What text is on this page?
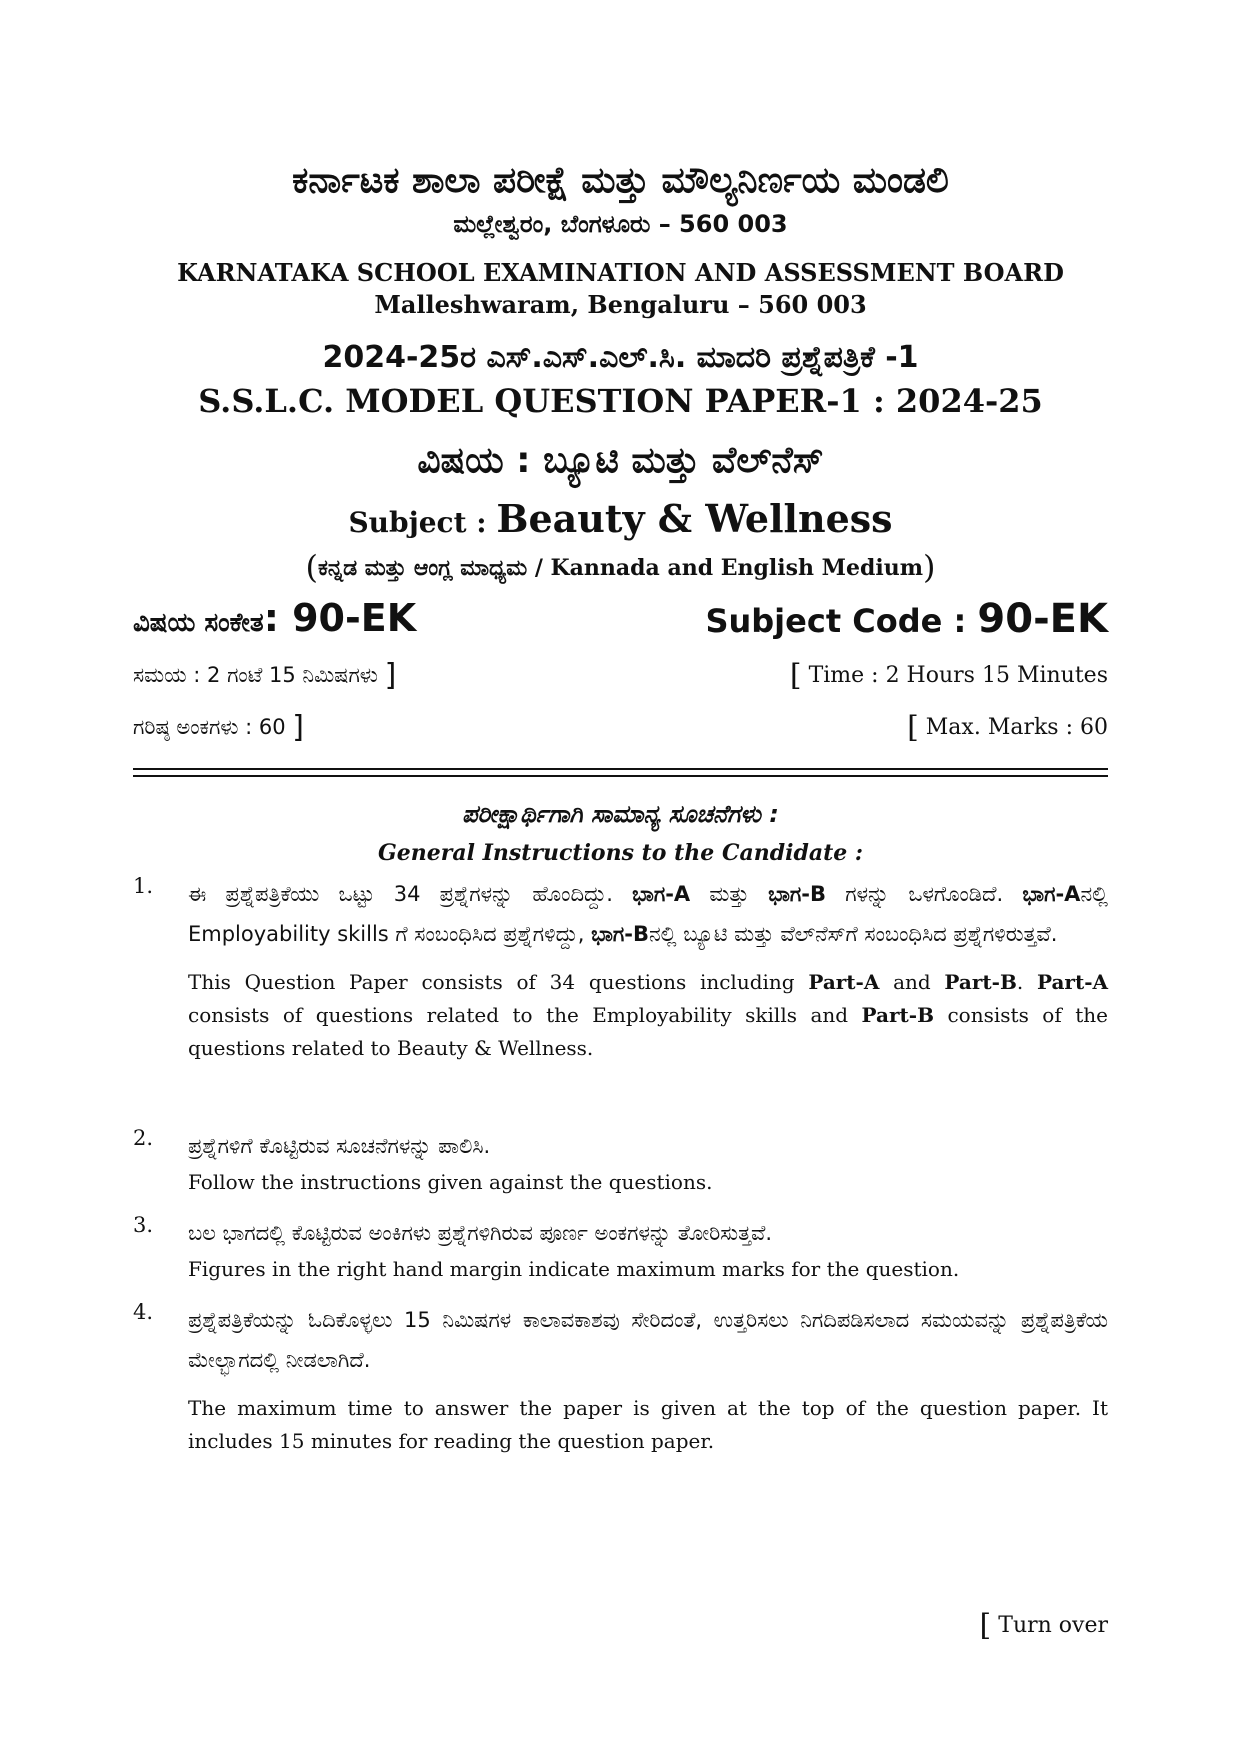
ಕರ್ನಾಟಕ ಶಾಲಾ ಪರೀಕ್ಷೆ ಮತ್ತು ಮೌಲ್ಯನಿರ್ಣಯ ಮಂಡಲಿ
ಮಲ್ಲೇಶ್ವರಂ, ಬೆಂಗಳೂರು – 560 003
KARNATAKA SCHOOL EXAMINATION AND ASSESSMENT BOARD
Malleshwaram, Bengaluru – 560 003
2024-25ರ ಎಸ್.ಎಸ್.ಎಲ್.ಸಿ. ಮಾದರಿ ಪ್ರಶ್ನೆಪತ್ರಿಕೆ -1
S.S.L.C. MODEL QUESTION PAPER-1 : 2024-25
ವಿಷಯ : ಬ್ಯೂಟಿ ಮತ್ತು ವೆಲ್‌ನೆಸ್
Subject : Beauty & Wellness
(ಕನ್ನಡ ಮತ್ತು ಆಂಗ್ಲ ಮಾಧ್ಯಮ / Kannada and English Medium)
ವಿಷಯ ಸಂಕೇತ: 90-EK	Subject Code : 90-EK
ಸಮಯ : 2 ಗಂಟೆ 15 ನಿಮಿಷಗಳು ]	[ Time : 2 Hours 15 Minutes
ಗರಿಷ್ಠ ಅಂಕಗಳು : 60 ]	[ Max. Marks : 60
ಪರೀಕ್ಷಾರ್ಥಿಗಾಗಿ ಸಾಮಾನ್ಯ ಸೂಚನೆಗಳು :
General Instructions to the Candidate :
1. ಈ ಪ್ರಶ್ನೆಪತ್ರಿಕೆಯು ಒಟ್ಟು 34 ಪ್ರಶ್ನೆಗಳನ್ನು ಹೊಂದಿದ್ದು. ಭಾಗ-A ಮತ್ತು ಭಾಗ-B ಗಳನ್ನು ಒಳಗೊಂಡಿದೆ. ಭಾಗ-Aನಲ್ಲಿ Employability skills ಗೆ ಸಂಬಂಧಿಸಿದ ಪ್ರಶ್ನೆಗಳಿದ್ದು, ಭಾಗ-Bನಲ್ಲಿ ಬ್ಯೂಟಿ ಮತ್ತು ವೆಲ್‌ನೆಸ್‌ಗೆ ಸಂಬಂಧಿಸಿದ ಪ್ರಶ್ನೆಗಳಿರುತ್ತವೆ.

This Question Paper consists of 34 questions including Part-A and Part-B. Part-A consists of questions related to the Employability skills and Part-B consists of the questions related to Beauty & Wellness.

2. ಪ್ರಶ್ನೆಗಳಿಗೆ ಕೊಟ್ಟಿರುವ ಸೂಚನೆಗಳನ್ನು ಪಾಲಿಸಿ.

Follow the instructions given against the questions.

3. ಬಲ ಭಾಗದಲ್ಲಿ ಕೊಟ್ಟಿರುವ ಅಂಕಿಗಳು ಪ್ರಶ್ನೆಗಳಿಗಿರುವ ಪೂರ್ಣ ಅಂಕಗಳನ್ನು ತೋರಿಸುತ್ತವೆ.

Figures in the right hand margin indicate maximum marks for the question.

4. ಪ್ರಶ್ನೆಪತ್ರಿಕೆಯನ್ನು ಓದಿಕೊಳ್ಳಲು 15 ನಿಮಿಷಗಳ ಕಾಲಾವಕಾಶವು ಸೇರಿದಂತೆ, ಉತ್ತರಿಸಲು ನಿಗದಿಪಡಿಸಲಾದ ಸಮಯವನ್ನು ಪ್ರಶ್ನೆಪತ್ರಿಕೆಯ ಮೇಲ್ಭಾಗದಲ್ಲಿ ನೀಡಲಾಗಿದೆ.

The maximum time to answer the paper is given at the top of the question paper. It includes 15 minutes for reading the question paper.

[ Turn over
